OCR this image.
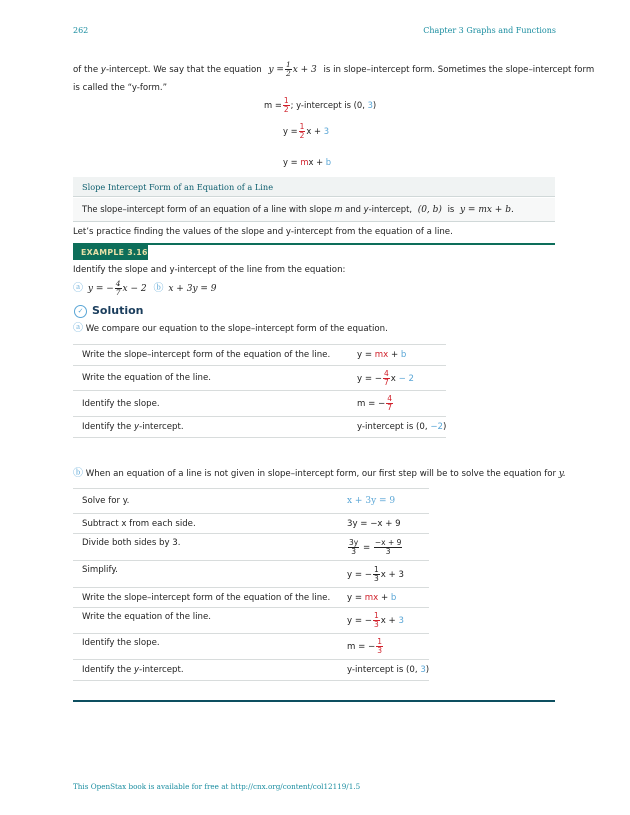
262	Chapter 3 Graphs and Functions
of the y-intercept. We say that the equation $y = \frac{1}{2}$ x + 3 is in slope–intercept form. Sometimes the slope–intercept form
is called the “y-form.”
$m = \frac{1}{2}$ ; y-intercept is (0, 3)
$y = \frac{1}{2}$ x + 3
y = mx + b
Slope Intercept Form of an Equation of a Line
The slope–intercept form of an equation of a line with slope m and y-intercept, (0, b) is y = mx + b.
Let’s practice finding the values of the slope and y-intercept from the equation of a line.
EXAMPLE 3.16
Identify the slope and y-intercept of the line from the equation:
ⓐ y = − $\frac{4}{7}$ x − 2 ⓑ x + 3y = 9
✓ Solution
ⓐ We compare our equation to the slope–intercept form of the equation.
Write the slope–intercept form of the equation of the line.	y = mx + b
Write the equation of the line.	y = − $\frac{4}{7}$ x − 2
Identify the slope.	m = − $\frac{4}{7}$

Identify the y-intercept.	y-intercept is (0, −2)
ⓑ When an equation of a line is not given in slope–intercept form, our first step will be to solve the equation for y.
Solve for y.	x + 3y = 9
Subtract x from each side.	3y = −x + 9
Divide both sides by 3.	$\frac{3y}{3} = \frac{-x + 9}{3}$

Simplify.	y = − $\frac{1}{3}$ x + 3
Write the slope–intercept form of the equation of the line.	y = mx + b
Write the equation of the line.	y = − $\frac{1}{3}$ x + 3
Identify the slope.	m = − $\frac{1}{3}$

Identify the y-intercept.	y-intercept is (0, 3)
This OpenStax book is available for free at http://cnx.org/content/col12119/1.5
